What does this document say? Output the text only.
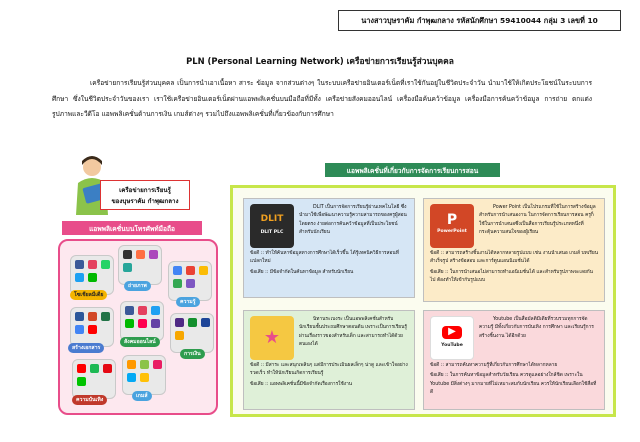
นางสาวบุษราคัม กำพุฒกลาง รหัสนักศึกษา 59410044 กลุ่ม 3 เลขที่ 10
PLN (Personal Learning Network) เครือข่ายการเรียนรู้ส่วนบุคคล
เครือข่ายการเรียนรู้ส่วนบุคคล เป็นการนำเอาเนื้อหา สาระ ข้อมูล จากส่วนต่างๆ ในระบบเครือข่ายอินเตอร์เน็ตที่เราใช้กันอยู่ในชีวิตประจำวัน นำมาใช้ให้เกิดประโยชน์ในระบบการศึกษา ซึ่งในชีวิตประจำวันของเรา เราใช้เครือข่ายอินเตอร์เน็ตผ่านแอพพลิเคชั่นบนมือถือที่มีทั้ง เครือข่ายสังคมออนไลน์ เครื่องมือค้นคว้าข้อมูล เครื่องมือการค้นคว้าข้อมูล การถ่าย ตกแต่งรูปภาพและวีดีโอ แอพพลิเคชั่นด้านการเงิน เกมส์ต่างๆ รวมไปถึงแอพพลิเคชั่นที่เกี่ยวข้องกับการศึกษา
เครือข่ายการเรียนรู้
ของบุษราคัม กำพุฒกลาง
แอพพลิเคชั่นบนโทรศัพท์มือถือ
โซเชียลมีเดีย
ถ่ายภาพ
ความรู้
สร้างเอกสาร
สังคมออนไลน์
การเงิน
ความบันเทิง
เกมส์
แอพพลิเคชั่นที่เกี่ยวกับการจัดการเรียนการสอน
DLIT
DLIT PLC
DLIT เป็นการจัดการเรียนรู้ผ่านเทคโนโลยี ซึ่งนำมาใช้เพื่อพัฒนาความรู้ความสามารถของครูผู้สอนโดยตรง ง่ายต่อการค้นคว้าข้อมูลที่เป็นประโยชน์สำหรับนักเรียน
ข้อดี :: ทำให้ค้นหาข้อมูลทางการศึกษาได้เร็วขึ้น ได้รู้เทคนิควิธีการสอนที่แปลกใหม่
ข้อเสีย :: มีข้อจำกัดในค้นหาข้อมูล สำหรับนักเรียน
P
PowerPoint
Power Point เป็นโปรแกรมที่ใช้ในการสร้างข้อมูลสำหรับการนำเสนองาน ในการจัดการเรียนการสอน ครูก็ใช้ในการนำเสนอซึ่งเป็นสื่อการเรียนรู้ประเภทหนึ่งที่กระตุ้นความสนใจของผู้เรียน
ข้อดี :: สามารถสร้างชิ้นงานได้หลากหลายรูปแบบ เช่น งานนำเสนอ เกมส์ บทเรียนสำเร็จรูป สร้างข้อสอบ และการ์ตูนแอนนิเมชั่นได้
ข้อเสีย :: ในการนำเสนอไม่สามารถทำแอนิเมชั่นได้ และสำหรับรูปภาพจะเลยกันไป ต้องทำให้เข้ากับรูปแบบ
★
นิทานระเบงระ เป็นแอพพลิเคชั่นสำหรับนักเรียนชั้นประถมศึกษาตอนต้น เพราะเป็นการเรียนรู้ผ่านเรื่องราวของสำหรับเด็ก และสามารถทำได้ด้วยตนเองได้
ข้อดี :: มีสาระ และสนุกเพลินๆ แต่มีการประเมินผลเล็กๆ น่าดู และเข้าใจอย่างรวดเร็ว ทำให้นักเรียนเกิดการเรียนรู้
ข้อเสีย :: แอพพลิเคชั่นนี้มีข้อจำกัดเรื่องการใช้งาน
▶
YouTube
Youtube เป็นสื่อมัลติมีเดียที่รวบรวมทุกการจัดความรู้ มีทั้งเกี่ยวกับการบันเทิง การศึกษา และเรียนรู้การสร้างชิ้นงาน ได้อีกด้วย
ข้อดี :: สามารถค้นหาความรู้ที่เกี่ยวกับการศึกษาได้หลากหลาย
ข้อเสีย :: ในการค้นหาข้อมูลสำหรับวัยเรียน ควรดูแลอย่างใกล้ชิด เพราะใน Youtube มีสิ่งต่างๆ มากมายที่ไม่เหมาะสมกับนักเรียน ควรให้นักเรียนเลือกใช้สื่อที่ดี
